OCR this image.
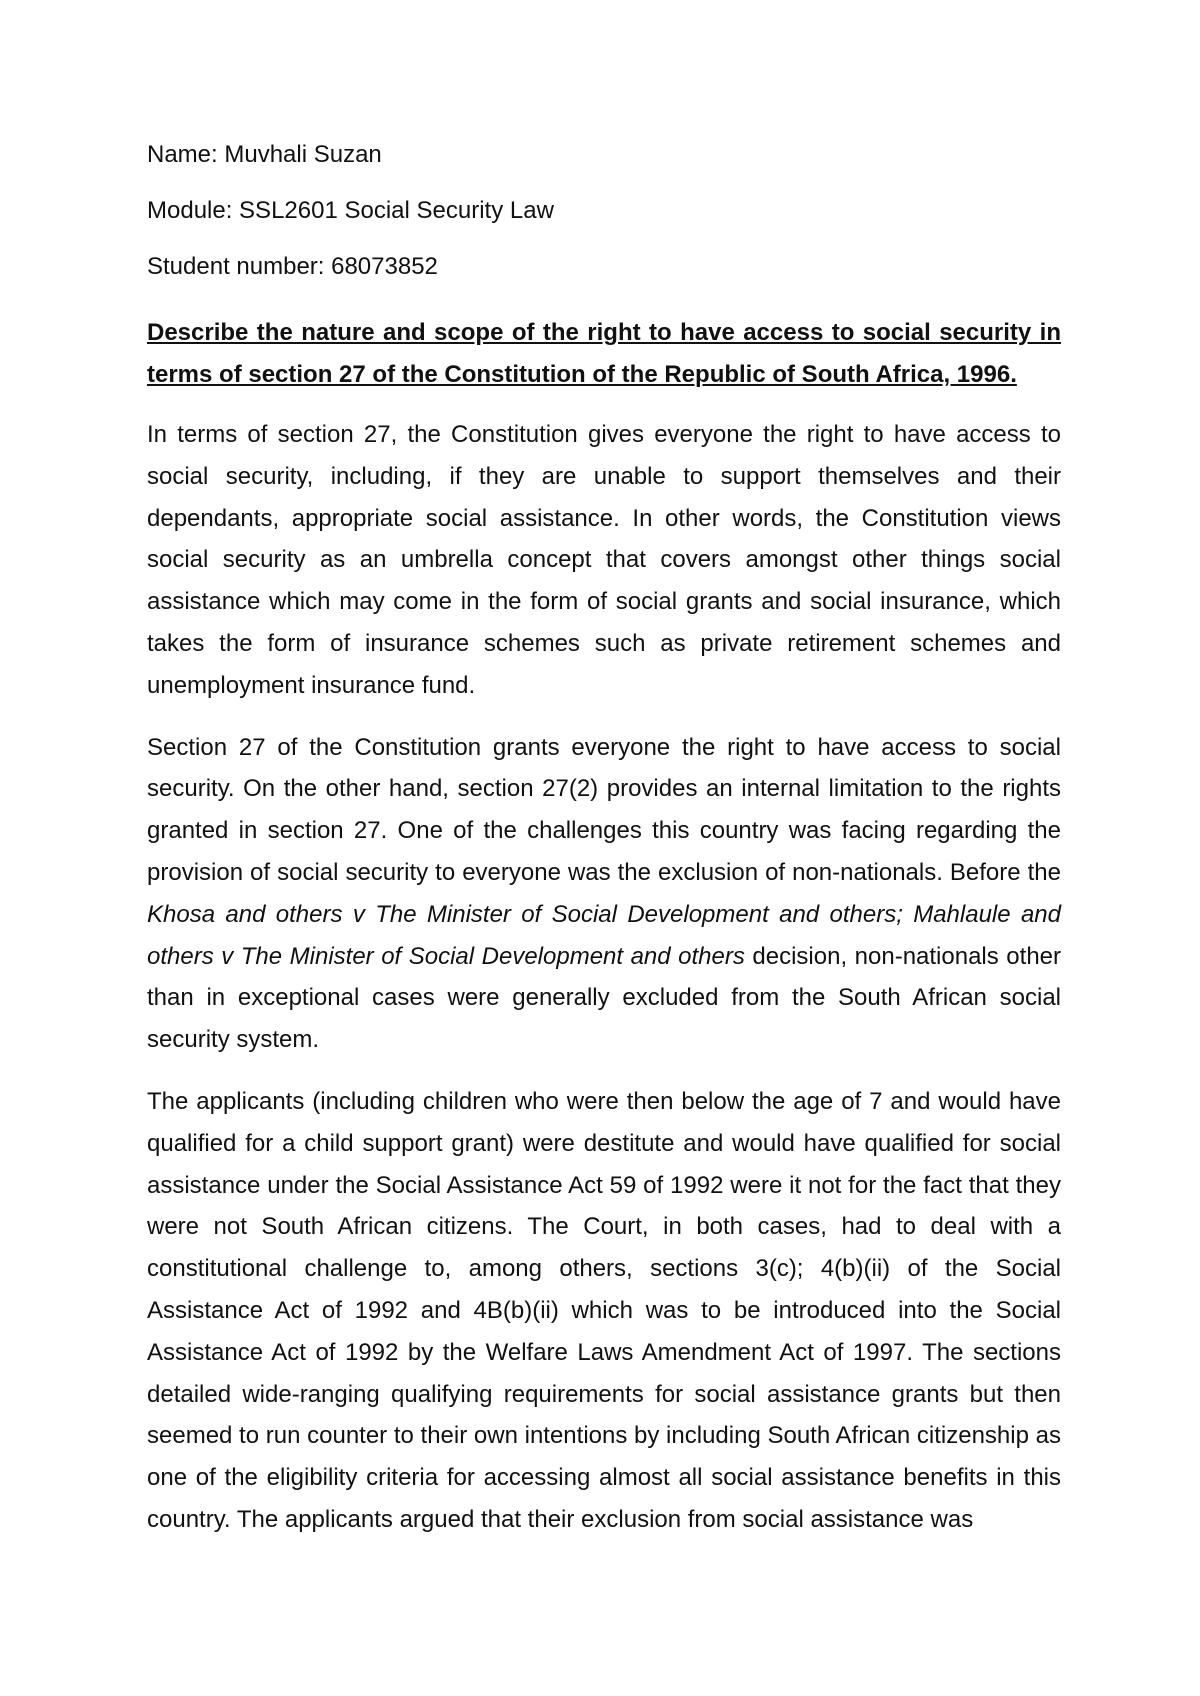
Name: Muvhali Suzan

Module: SSL2601 Social Security Law

Student number: 68073852

Describe the nature and scope of the right to have access to social security in terms of section 27 of the Constitution of the Republic of South Africa, 1996.

In terms of section 27, the Constitution gives everyone the right to have access to social security, including, if they are unable to support themselves and their dependants, appropriate social assistance. In other words, the Constitution views social security as an umbrella concept that covers amongst other things social assistance which may come in the form of social grants and social insurance, which takes the form of insurance schemes such as private retirement schemes and unemployment insurance fund.

Section 27 of the Constitution grants everyone the right to have access to social security. On the other hand, section 27(2) provides an internal limitation to the rights granted in section 27. One of the challenges this country was facing regarding the provision of social security to everyone was the exclusion of non-nationals. Before the Khosa and others v The Minister of Social Development and others; Mahlaule and others v The Minister of Social Development and others decision, non-nationals other than in exceptional cases were generally excluded from the South African social security system.

The applicants (including children who were then below the age of 7 and would have qualified for a child support grant) were destitute and would have qualified for social assistance under the Social Assistance Act 59 of 1992 were it not for the fact that they were not South African citizens. The Court, in both cases, had to deal with a constitutional challenge to, among others, sections 3(c); 4(b)(ii) of the Social Assistance Act of 1992 and 4B(b)(ii) which was to be introduced into the Social Assistance Act of 1992 by the Welfare Laws Amendment Act of 1997. The sections detailed wide-ranging qualifying requirements for social assistance grants but then seemed to run counter to their own intentions by including South African citizenship as one of the eligibility criteria for accessing almost all social assistance benefits in this country. The applicants argued that their exclusion from social assistance was
